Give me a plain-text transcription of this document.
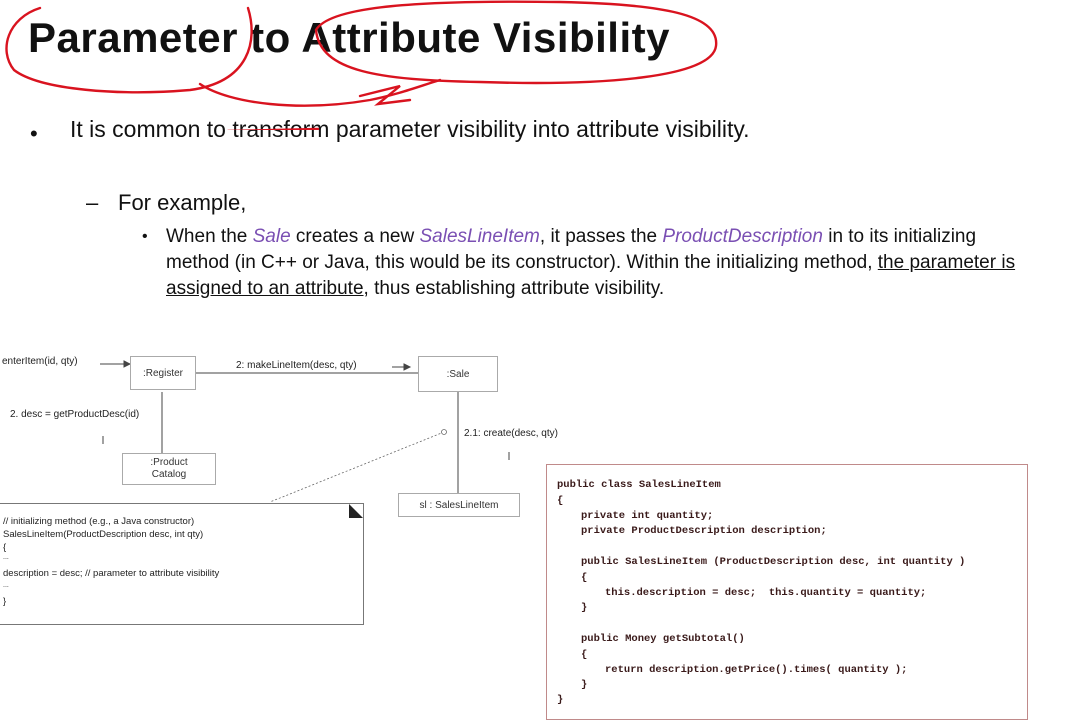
Parameter to Attribute Visibility
• It is common to transform parameter visibility into attribute visibility.
– For example,
• When the Sale creates a new SalesLineItem, it passes the ProductDescription in to its initializing method (in C++ or Java, this would be its constructor). Within the initializing method, the parameter is assigned to an attribute, thus establishing attribute visibility.
enterItem(id, qty)
:Register
2: makeLineItem(desc, qty)
:Sale
2. desc = getProductDesc(id)
:Product
Catalog
2.1: create(desc, qty)
sl : SalesLineItem
// initializing method (e.g., a Java constructor)
SalesLineItem(ProductDescription desc, int qty)
{
...
description = desc; // parameter to attribute visibility
...
}
public class SalesLineItem
{
private int quantity;
private ProductDescription description;
public SalesLineItem (ProductDescription desc, int quantity )
{
this.description = desc;  this.quantity = quantity;
}
public Money getSubtotal()
{
return description.getPrice().times( quantity );
}
}
